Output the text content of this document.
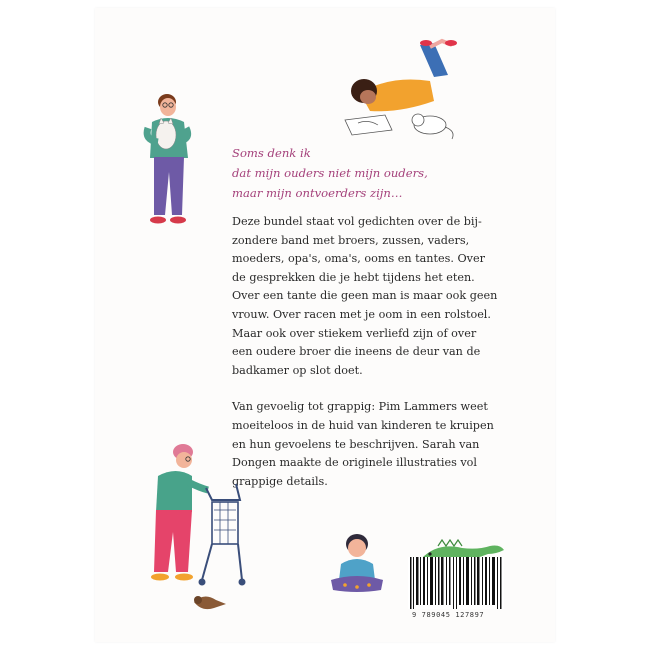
Soms denk ik
dat mijn ouders niet mijn ouders,
maar mijn ontvoerders zijn…
Deze bundel staat vol gedichten over de bij-
zondere band met broers, zussen, vaders,
moeders, opa's, oma's, ooms en tantes. Over
de gesprekken die je hebt tijdens het eten.
Over een tante die geen man is maar ook geen
vrouw. Over racen met je oom in een rolstoel.
Maar ook over stiekem verliefd zijn of over
een oudere broer die ineens de deur van de
badkamer op slot doet.
Van gevoelig tot grappig: Pim Lammers weet
moeiteloos in de huid van kinderen te kruipen
en hun gevoelens te beschrijven. Sarah van
Dongen maakte de originele illustraties vol
grappige details.
9 789045 127897
